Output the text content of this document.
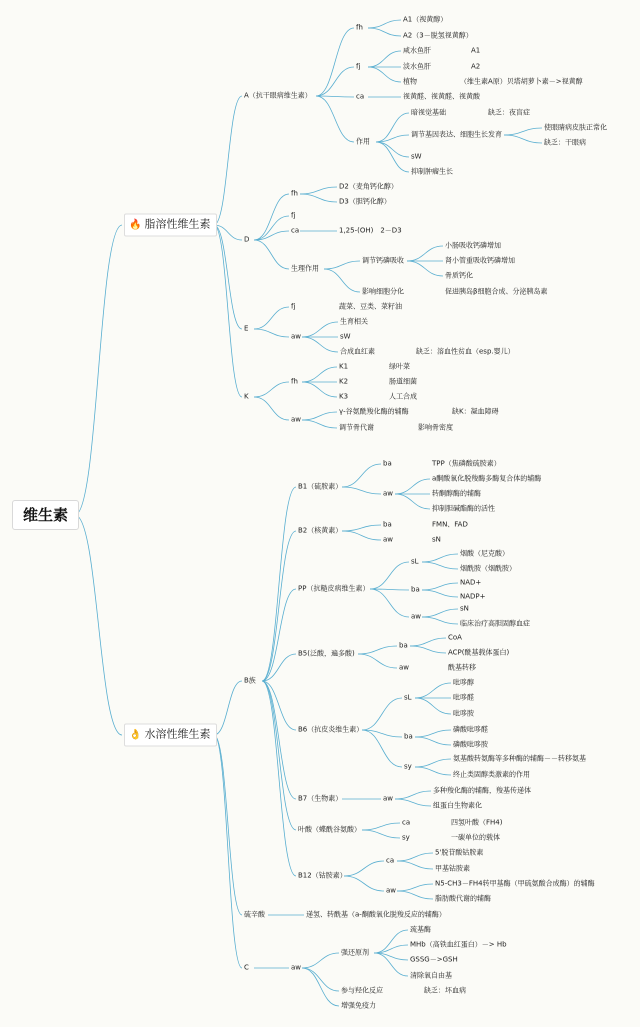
维生素
🔥 脂溶性维生素
A（抗干眼病维生素）
fh
A1（视黄醇）
A2（3－脱氢视黄醇）
fj
咸水鱼肝	A1
淡水鱼肝	A2
植物	（维生素A原）贝塔胡萝卜素－>视黄醇
ca	视黄醛、视黄醛、视黄酸
作用
暗视觉基础	缺乏：夜盲症
调节基因表达、细胞生长发育
使眼睛病皮肤正常化
缺乏：干眼病
sW
抑制肿瘤生长
D
fh
D2（麦角钙化醇）
D3（胆钙化醇）
fj
ca	1,25-(OH)　2－D3
生理作用
调节钙磷吸收
小肠吸收钙磷增加
肾小管重吸收钙磷增加
骨质钙化
影响细胞分化	促进胰岛β细胞合成、分泌胰岛素
E
fj	蔬菜、豆类、菜籽油
aw
生育相关
sW
合成血红素	缺乏：溶血性贫血（esp.婴儿）
K
fh
K1	绿叶菜
K2	肠道细菌
K3	人工合成
aw
γ-谷氨酰羧化酶的辅酶	缺K：凝血障碍
调节骨代谢	影响骨密度
👌 水溶性维生素
B族
B1（硫胺素）
ba	TPP（焦磷酸硫胺素）
aw
a酮酸氧化脱羧酶多酶复合体的辅酶
转酮醇酶的辅酶
抑制胆碱酯酶的活性
B2（核黄素）
ba	FMN、FAD
aw	sN
PP（抗糙皮病维生素）
sL
烟酸（尼克酸）
烟酰胺（烟酰胺）
ba
NAD+
NADP+
aw
sN
临床治疗高胆固醇血症
B5(泛酸，遍多酸)
ba
CoA
ACP(酰基载体蛋白)
aw	酰基转移
B6（抗皮炎维生素）
sL
吡哆醇
吡哆醛
吡哆胺
ba
磷酸吡哆醛
磷酸吡哆胺
sy
氨基酸转氨酶等多种酶的辅酶－－转移氨基
终止类固醇类激素的作用
B7（生物素）	aw
多种羧化酶的辅酶，羧基传递体
组蛋白生物素化
叶酸（蝶酰谷氨酸）
ca	四氢叶酸（FH4)
sy	一碳单位的载体
B12（钴胺素）
ca
5'脱苷酸钴胺素
甲基钴胺素
aw
N5-CH3－FH4转甲基酶（甲硫氨酸合成酶）的辅酶
脂肪酸代谢的辅酶
硫辛酸	递氢、转酰基（a-酮酸氧化脱羧反应的辅酶）
C	aw
强还原剂
巯基酶
MHb（高铁血红蛋白）－> Hb
GSSG－>GSH
清除氧自由基
参与羟化反应	缺乏：坏血病
增强免疫力
